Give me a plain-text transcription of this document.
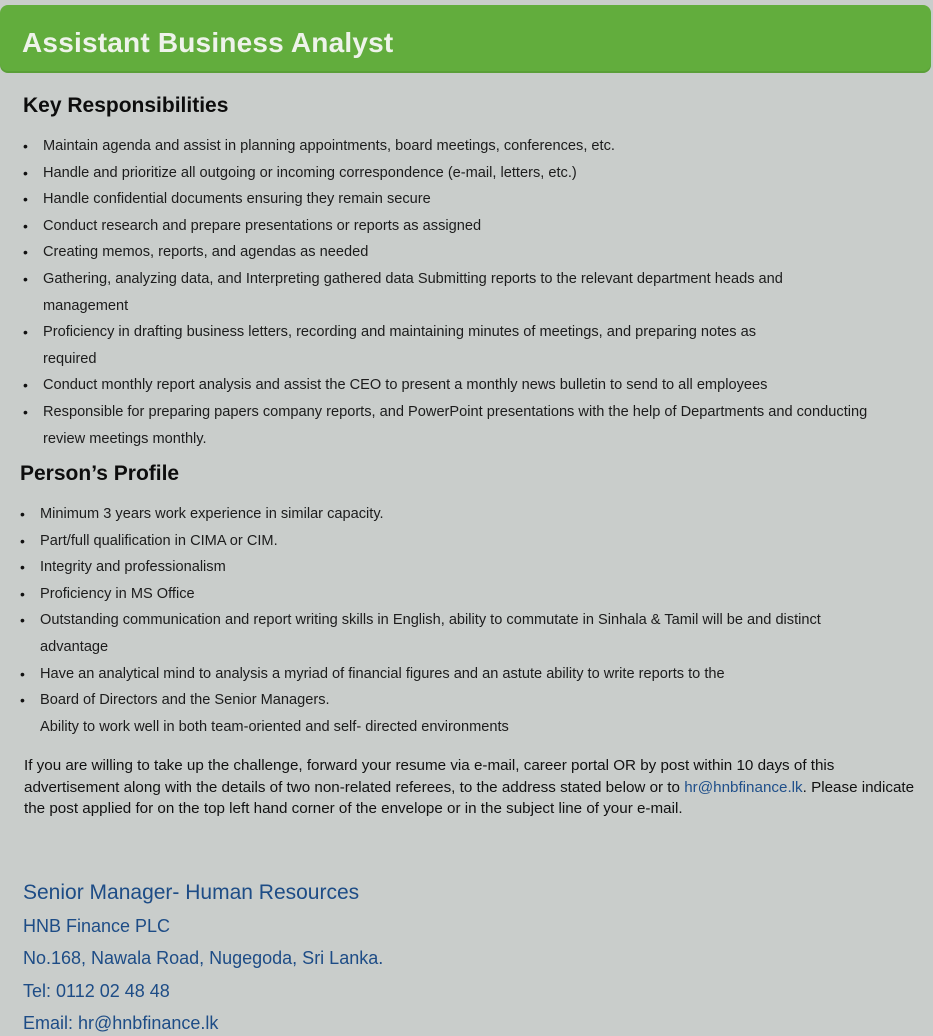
Assistant Business Analyst
Key Responsibilities
• Maintain agenda and assist in planning appointments, board meetings, conferences, etc.
• Handle and prioritize all outgoing or incoming correspondence (e-mail, letters, etc.)
• Handle confidential documents ensuring they remain secure
• Conduct research and prepare presentations or reports as assigned
• Creating memos, reports, and agendas as needed
• Gathering, analyzing data, and Interpreting gathered data Submitting reports to the relevant department heads and management
• Proficiency in drafting business letters, recording and maintaining minutes of meetings, and preparing notes as required
• Conduct monthly report analysis and assist the CEO to present a monthly news bulletin to send to all employees
• Responsible for preparing papers company reports, and PowerPoint presentations with the help of Departments and conducting review meetings monthly.
Person’s Profile
• Minimum 3 years work experience in similar capacity.
• Part/full qualification in CIMA or CIM.
• Integrity and professionalism
• Proficiency in MS Office
• Outstanding communication and report writing skills in English, ability to commutate in Sinhala & Tamil will be and distinct advantage
• Have an analytical mind to analysis a myriad of financial figures and an astute ability to write reports to the
• Board of Directors and the Senior Managers.
Ability to work well in both team-oriented and self- directed environments
If you are willing to take up the challenge, forward your resume via e-mail, career portal OR by post within 10 days of this advertisement along with the details of two non-related referees, to the address stated below or to hr@hnbfinance.lk. Please indicate the post applied for on the top left hand corner of the envelope or in the subject line of your e-mail.
Senior Manager- Human Resources
HNB Finance PLC
No.168, Nawala Road, Nugegoda, Sri Lanka.
Tel: 0112 02 48 48
Email: hr@hnbfinance.lk
